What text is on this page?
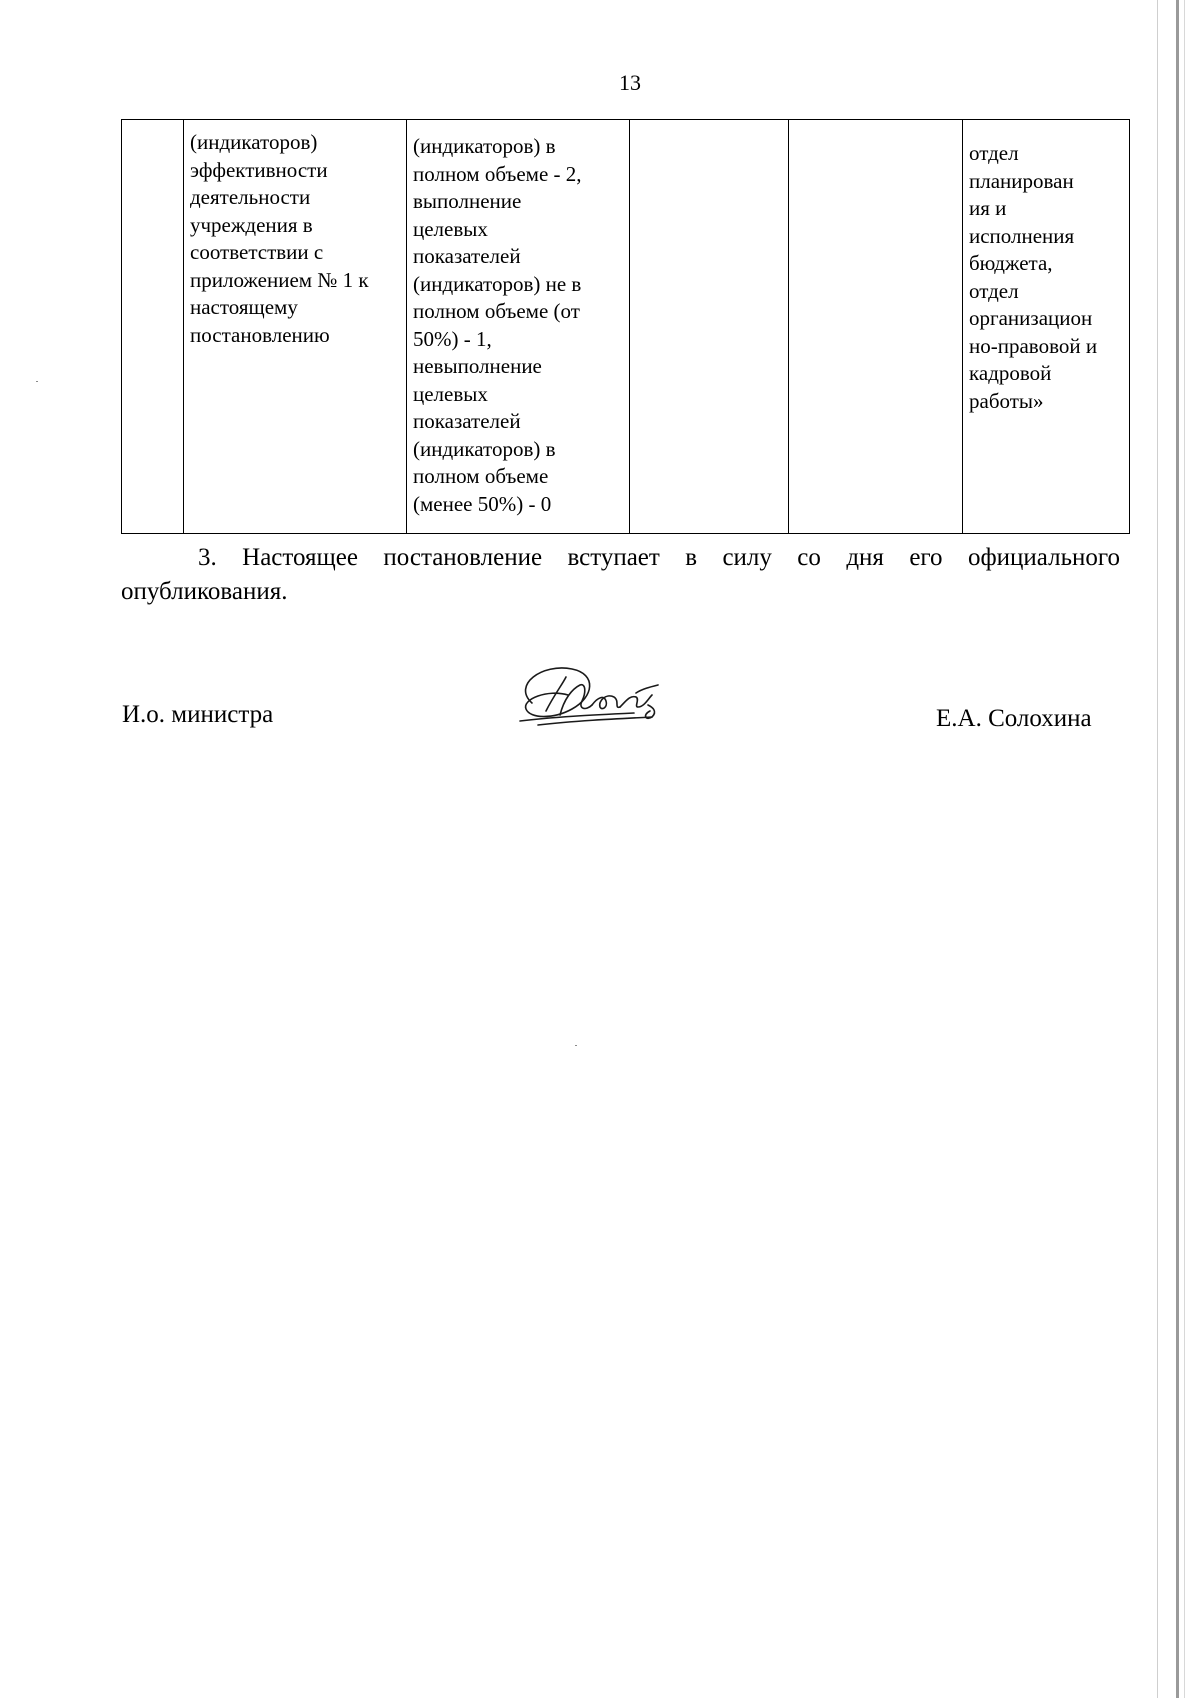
13
	(индикаторов)
эффективности
деятельности
учреждения в
соответствии с
приложением № 1 к
настоящему
постановлению	(индикаторов) в
полном объеме - 2,
выполнение
целевых
показателей
(индикаторов) не в
полном объеме (от
50%) - 1,
невыполнение
целевых
показателей
(индикаторов) в
полном объеме
(менее 50%) - 0			отдел
планирован
ия и
исполнения
бюджета,
отдел
организацион
но-правовой и
кадровой
работы»
3. Настоящее постановление вступает в силу со дня его официального опубликования.
И.о. министра	Е.А. Солохина
